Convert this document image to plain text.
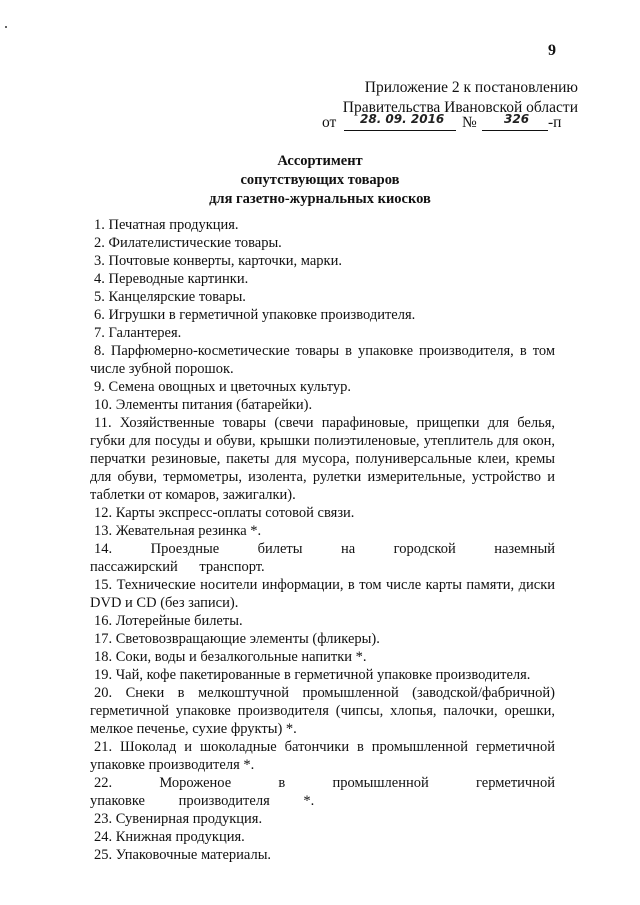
9
Приложение 2 к постановлению
Правительства Ивановской области
от 28. 09. 2016 № 326 -п
Ассортимент
сопутствующих товаров
для газетно-журнальных киосков
1. Печатная продукция.
2. Филателистические товары.
3. Почтовые конверты, карточки, марки.
4. Переводные картинки.
5. Канцелярские товары.
6. Игрушки в герметичной упаковке производителя.
7. Галантерея.
8. Парфюмерно-косметические товары в упаковке производителя, в том числе зубной порошок.
9. Семена овощных и цветочных культур.
10. Элементы питания (батарейки).
11. Хозяйственные товары (свечи парафиновые, прищепки для белья, губки для посуды и обуви, крышки полиэтиленовые, утеплитель для окон, перчатки резиновые, пакеты для мусора, полуниверсальные клеи, кремы для обуви, термометры, изолента, рулетки измерительные, устройство и таблетки от комаров, зажигалки).
12. Карты экспресс-оплаты сотовой связи.
13. Жевательная резинка *.
14. Проездные билеты на городской наземный пассажирский транспорт.
15. Технические носители информации, в том числе карты памяти, диски DVD и CD (без записи).
16. Лотерейные билеты.
17. Световозвращающие элементы (фликеры).
18. Соки, воды и безалкогольные напитки *.
19. Чай, кофе пакетированные в герметичной упаковке производителя.
20. Снеки в мелкоштучной промышленной (заводской/фабричной) герметичной упаковке производителя (чипсы, хлопья, палочки, орешки, мелкое печенье, сухие фрукты) *.
21. Шоколад и шоколадные батончики в промышленной герметичной упаковке производителя *.
22. Мороженое в промышленной герметичной упаковке производителя *.
23. Сувенирная продукция.
24. Книжная продукция.
25. Упаковочные материалы.
